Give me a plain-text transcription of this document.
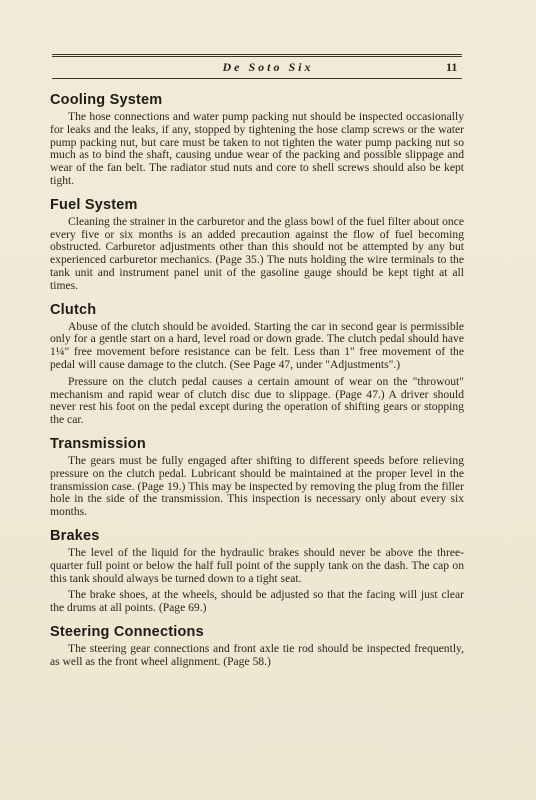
De Soto Six	11
Cooling System

The hose connections and water pump packing nut should be inspected occasionally for leaks and the leaks, if any, stopped by tightening the hose clamp screws or the water pump packing nut, but care must be taken to not tighten the water pump packing nut so much as to bind the shaft, causing undue wear of the packing and possible slippage and wear of the fan belt. The radiator stud nuts and core to shell screws should also be kept tight.

Fuel System

Cleaning the strainer in the carburetor and the glass bowl of the fuel filter about once every five or six months is an added precaution against the flow of fuel becoming obstructed. Carburetor adjustments other than this should not be attempted by any but experienced carburetor mechanics. (Page 35.) The nuts holding the wire terminals to the tank unit and instrument panel unit of the gasoline gauge should be kept tight at all times.

Clutch

Abuse of the clutch should be avoided. Starting the car in second gear is permissible only for a gentle start on a hard, level road or down grade. The clutch pedal should have 1¼" free movement before resistance can be felt. Less than 1" free movement of the pedal will cause damage to the clutch. (See Page 47, under "Adjustments".)

Pressure on the clutch pedal causes a certain amount of wear on the "throwout" mechanism and rapid wear of clutch disc due to slippage. (Page 47.) A driver should never rest his foot on the pedal except during the operation of shifting gears or stopping the car.

Transmission

The gears must be fully engaged after shifting to different speeds before relieving pressure on the clutch pedal. Lubricant should be maintained at the proper level in the transmission case. (Page 19.) This may be inspected by removing the plug from the filler hole in the side of the transmission. This inspection is necessary only about every six months.

Brakes

The level of the liquid for the hydraulic brakes should never be above the three-quarter full point or below the half full point of the supply tank on the dash. The cap on this tank should always be turned down to a tight seat.

The brake shoes, at the wheels, should be adjusted so that the facing will just clear the drums at all points. (Page 69.)

Steering Connections

The steering gear connections and front axle tie rod should be inspected frequently, as well as the front wheel alignment. (Page 58.)
